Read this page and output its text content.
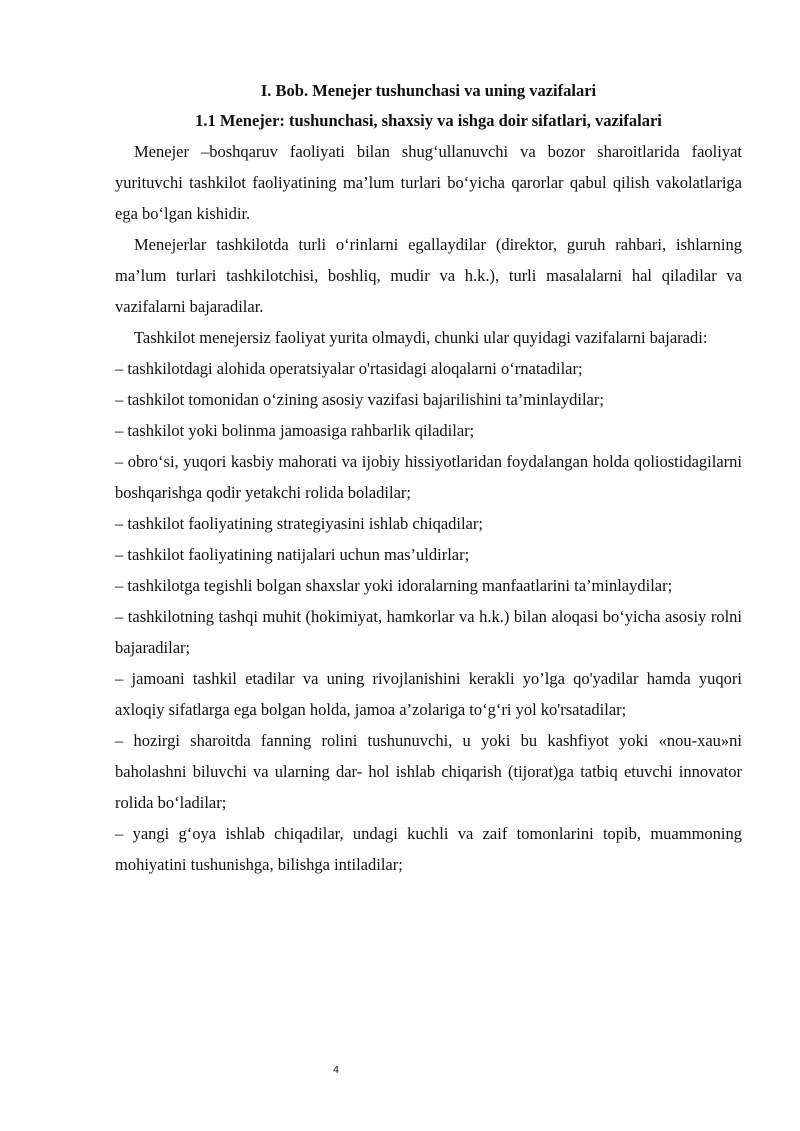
I. Bob. Menejer tushunchasi va uning vazifalari

1.1 Menejer: tushunchasi, shaxsiy va ishga doir sifatlari, vazifalari

Menejer –boshqaruv faoliyati bilan shug‘ullanuvchi va bozor sharoitlarida faoliyat yurituvchi tashkilot faoliyatining ma’lum turlari bo‘yicha qarorlar qabul qilish vakolatlariga ega bo‘lgan kishidir.

Menejerlar tashkilotda turli o‘rinlarni egallaydilar (direktor, guruh rahbari, ishlarning ma’lum turlari tashkilotchisi, boshliq, mudir va h.k.), turli masalalarni hal qiladilar va vazifalarni bajaradilar.

Tashkilot menejersiz faoliyat yurita olmaydi, chunki ular quyidagi vazifalarni bajaradi:

– tashkilotdagi alohida operatsiyalar o'rtasidagi aloqalarni o‘rnatadilar;

– tashkilot tomonidan o‘zining asosiy vazifasi bajarilishini ta’minlaydilar;

– tashkilot yoki bolinma jamoasiga rahbarlik qiladilar;

– obro‘si, yuqori kasbiy mahorati va ijobiy hissiyotlaridan foydalangan holda qoliostidagilarni boshqarishga qodir yetakchi rolida boladilar;

– tashkilot faoliyatining strategiyasini ishlab chiqadilar;

– tashkilot faoliyatining natijalari uchun mas’uldirlar;

– tashkilotga tegishli bolgan shaxslar yoki idoralarning manfaatlarini ta’minlaydilar;

– tashkilotning tashqi muhit (hokimiyat, hamkorlar va h.k.) bilan aloqasi bo‘yicha asosiy rolni bajaradilar;

– jamoani tashkil etadilar va uning rivojlanishini kerakli yo’lga qo'yadilar hamda yuqori axloqiy sifatlarga ega bolgan holda, jamoa a’zolariga to‘g‘ri yol ko'rsatadilar;

– hozirgi sharoitda fanning rolini tushunuvchi, u yoki bu kashfiyot yoki «nou-xau»ni baholashni biluvchi va ularning dar- hol ishlab chiqarish (tijorat)ga tatbiq etuvchi innovator rolida bo‘ladilar;

– yangi g‘oya ishlab chiqadilar, undagi kuchli va zaif tomonlarini topib, muammoning mohiyatini tushunishga, bilishga intiladilar;

4
